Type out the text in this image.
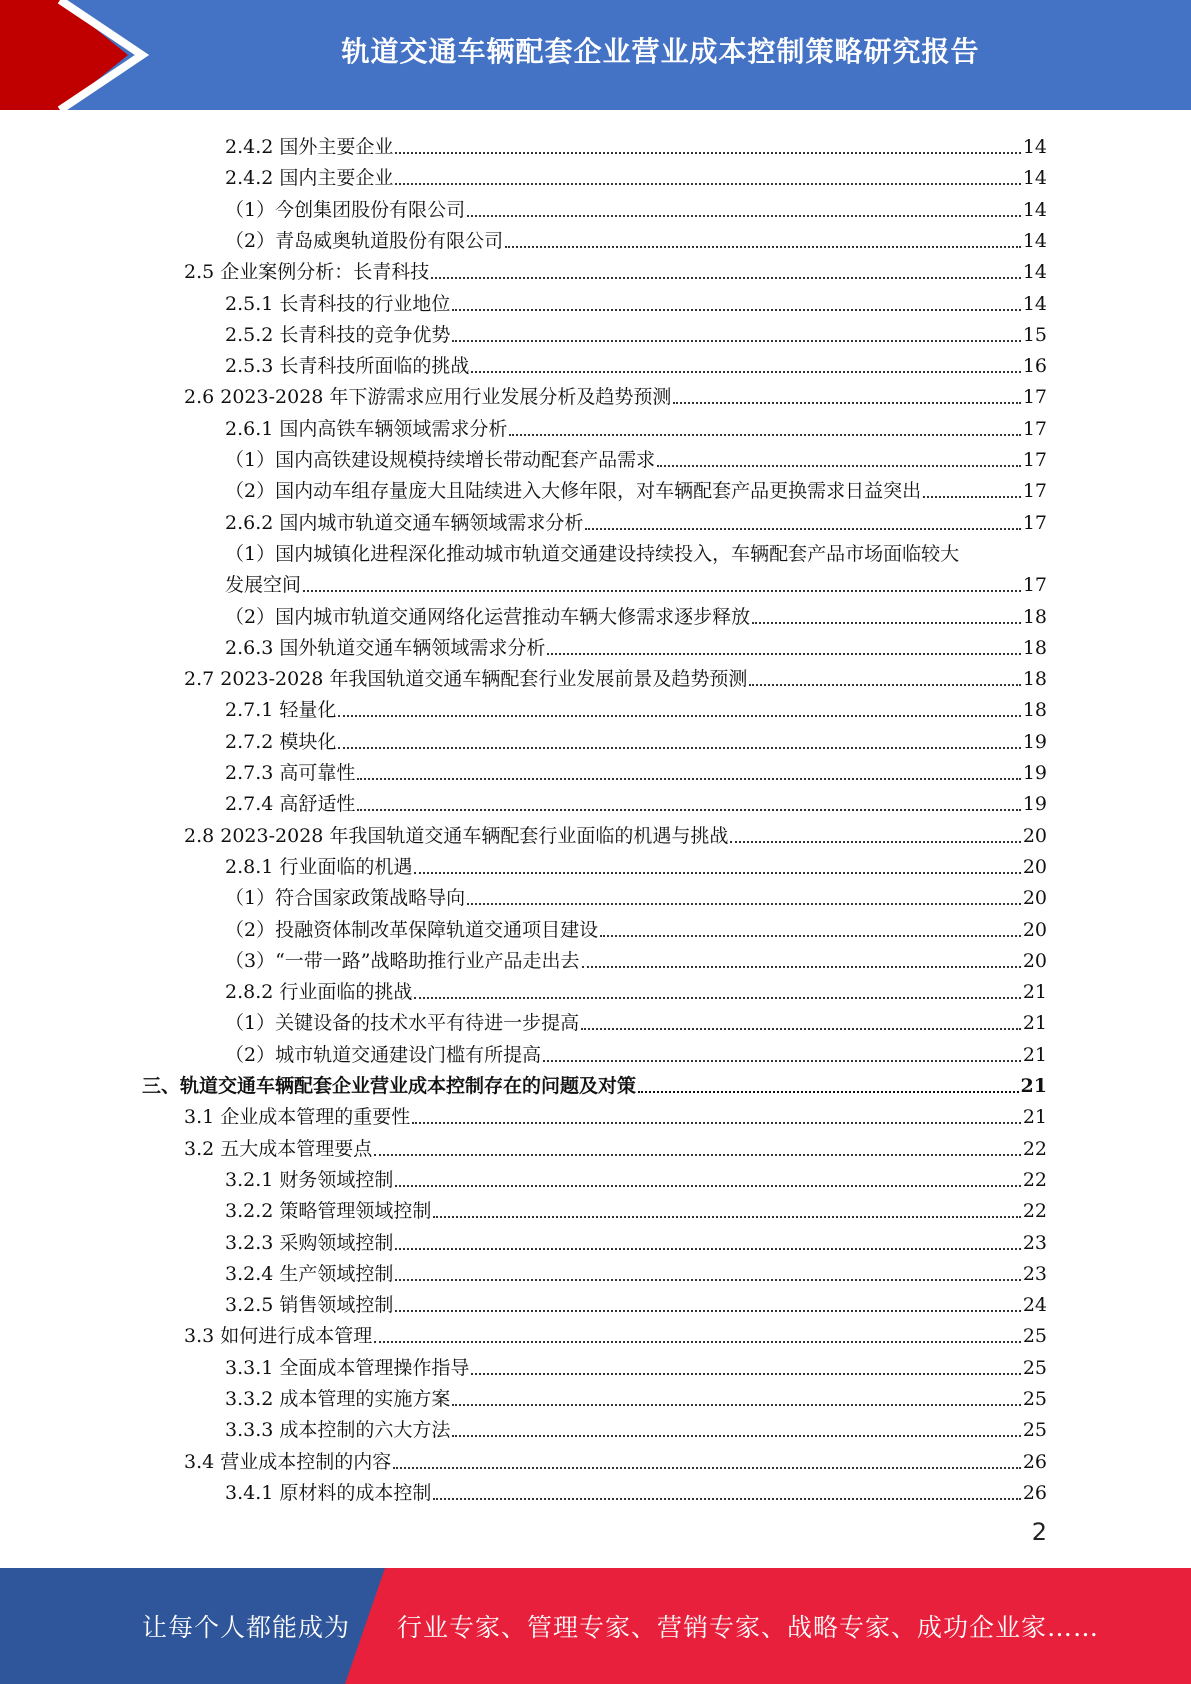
轨道交通车辆配套企业营业成本控制策略研究报告
2.4.2 国外主要企业	14
2.4.2 国内主要企业	14
（1）今创集团股份有限公司	14
（2）青岛威奥轨道股份有限公司	14
2.5 企业案例分析：长青科技	14
2.5.1 长青科技的行业地位	14
2.5.2 长青科技的竞争优势	15
2.5.3 长青科技所面临的挑战	16
2.6 2023-2028 年下游需求应用行业发展分析及趋势预测	17
2.6.1 国内高铁车辆领域需求分析	17
（1）国内高铁建设规模持续增长带动配套产品需求	17
（2）国内动车组存量庞大且陆续进入大修年限，对车辆配套产品更换需求日益突出	17
2.6.2 国内城市轨道交通车辆领域需求分析	17
（1）国内城镇化进程深化推动城市轨道交通建设持续投入，车辆配套产品市场面临较大
发展空间	17
（2）国内城市轨道交通网络化运营推动车辆大修需求逐步释放	18
2.6.3 国外轨道交通车辆领域需求分析	18
2.7 2023-2028 年我国轨道交通车辆配套行业发展前景及趋势预测	18
2.7.1 轻量化	18
2.7.2 模块化	19
2.7.3 高可靠性	19
2.7.4 高舒适性	19
2.8 2023-2028 年我国轨道交通车辆配套行业面临的机遇与挑战	20
2.8.1 行业面临的机遇	20
（1）符合国家政策战略导向	20
（2）投融资体制改革保障轨道交通项目建设	20
（3）“一带一路”战略助推行业产品走出去	20
2.8.2 行业面临的挑战	21
（1）关键设备的技术水平有待进一步提高	21
（2）城市轨道交通建设门槛有所提高	21
三、轨道交通车辆配套企业营业成本控制存在的问题及对策	21
3.1 企业成本管理的重要性	21
3.2 五大成本管理要点	22
3.2.1 财务领域控制	22
3.2.2 策略管理领域控制	22
3.2.3 采购领域控制	23
3.2.4 生产领域控制	23
3.2.5 销售领域控制	24
3.3 如何进行成本管理	25
3.3.1 全面成本管理操作指导	25
3.3.2 成本管理的实施方案	25
3.3.3 成本控制的六大方法	25
3.4 营业成本控制的内容	26
3.4.1 原材料的成本控制	26
2
让每个人都能成为 行业专家、管理专家、营销专家、战略专家、成功企业家……
